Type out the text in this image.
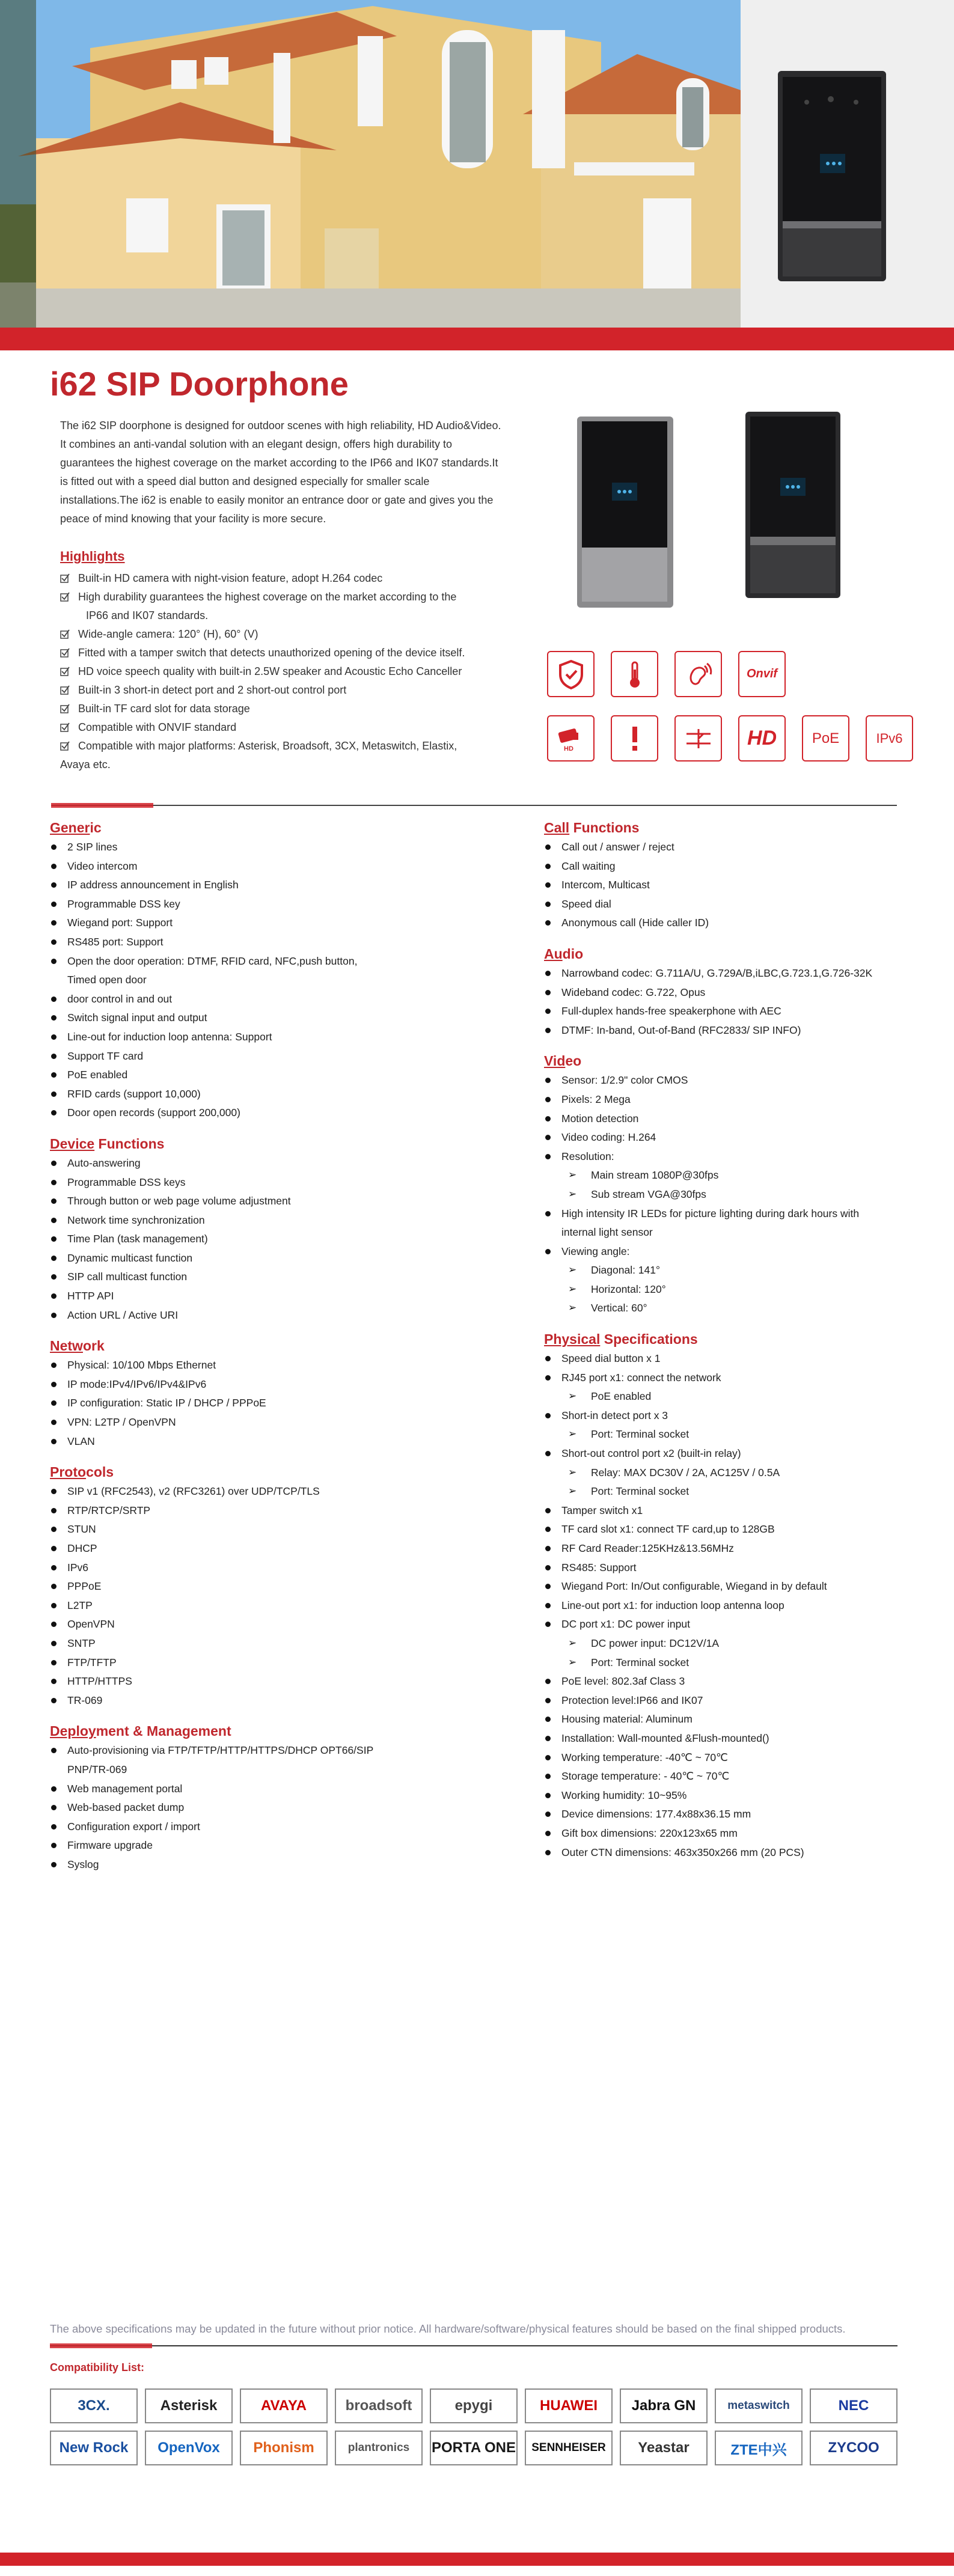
i62 SIP Doorphone

The i62 SIP doorphone is designed for outdoor scenes with high reliability, HD Audio&Video. It combines an anti-vandal solution with an elegant design, offers high durability to guarantees the highest coverage on the market according to the IP66 and IK07 standards.It is fitted out with a speed dial button and designed especially for smaller scale installations.The i62 is enable to easily monitor an entrance door or gate and gives you the peace of mind knowing that your facility is more secure.

Highlights
Built-in HD camera with night-vision feature, adopt H.264 codec
High durability guarantees the highest coverage on the market according to the
IP66 and IK07 standards.
Wide-angle camera: 120° (H), 60° (V)
Fitted with a tamper switch that detects unauthorized opening of the device itself.
HD voice speech quality with built-in 2.5W speaker and Acoustic Echo Canceller
Built-in 3 short-in detect port and 2 short-out control port
Built-in TF card slot for data storage
Compatible with ONVIF standard
Compatible with major platforms: Asterisk, Broadsoft, 3CX, Metaswitch, Elastix,
Avaya etc.
Onvif
HD	HD PoE	IPv6
Generic
2 SIP lines
Video intercom
IP address announcement in English
Programmable DSS key
Wiegand port: Support
RS485 port: Support
Open the door operation: DTMF, RFID card, NFC,push button,
Timed open door
door control in and out
Switch signal input and output
Line-out for induction loop antenna: Support
Support TF card
PoE enabled
RFID cards (support 10,000)
Door open records (support 200,000)
Device Functions
Auto-answering
Programmable DSS keys
Through button or web page volume adjustment
Network time synchronization
Time Plan (task management)
Dynamic multicast function
SIP call multicast function
HTTP API
Action URL / Active URI
Network
Physical: 10/100 Mbps Ethernet
IP mode:IPv4/IPv6/IPv4&IPv6
IP configuration: Static IP / DHCP / PPPoE
VPN: L2TP / OpenVPN
VLAN
Protocols
SIP v1 (RFC2543), v2 (RFC3261) over UDP/TCP/TLS
RTP/RTCP/SRTP
STUN
DHCP
IPv6
PPPoE
L2TP
OpenVPN
SNTP
FTP/TFTP
HTTP/HTTPS
TR-069
Deployment & Management
Auto-provisioning via FTP/TFTP/HTTP/HTTPS/DHCP OPT66/SIP
PNP/TR-069
Web management portal
Web-based packet dump
Configuration export / import
Firmware upgrade
Syslog
Call Functions
Call out / answer / reject
Call waiting
Intercom, Multicast
Speed dial
Anonymous call (Hide caller ID)
Audio
Narrowband codec: G.711A/U, G.729A/B,iLBC,G.723.1,G.726-32K
Wideband codec: G.722, Opus
Full-duplex hands-free speakerphone with AEC
DTMF: In-band, Out-of-Band (RFC2833/ SIP INFO)
Video
Sensor: 1/2.9" color CMOS
Pixels: 2 Mega
Motion detection
Video coding: H.264
Resolution:
➢ Main stream 1080P@30fps
➢ Sub stream VGA@30fps
High intensity IR LEDs for picture lighting during dark hours with
internal light sensor
Viewing angle:
➢ Diagonal: 141°
➢ Horizontal: 120°
➢ Vertical: 60°
Physical Specifications
Speed dial button x 1
RJ45 port x1: connect the network
➢ PoE enabled
Short-in detect port x 3
➢ Port: Terminal socket
Short-out control port x2 (built-in relay)
➢ Relay: MAX DC30V / 2A, AC125V / 0.5A
➢ Port: Terminal socket
Tamper switch x1
TF card slot x1: connect TF card,up to 128GB
RF Card Reader:125KHz&13.56MHz
RS485: Support
Wiegand Port: In/Out configurable, Wiegand in by default
Line-out port x1: for induction loop antenna loop
DC port x1: DC power input
➢ DC power input: DC12V/1A
➢ Port: Terminal socket
PoE level: 802.3af Class 3
Protection level:IP66 and IK07
Housing material: Aluminum
Installation: Wall-mounted &Flush-mounted()
Working temperature: -40℃ ~ 70℃
Storage temperature: - 40℃ ~ 70℃
Working humidity: 10~95%
Device dimensions: 177.4x88x36.15 mm
Gift box dimensions: 220x123x65 mm
Outer CTN dimensions: 463x350x266 mm (20 PCS)
The above specifications may be updated in the future without prior notice. All hardware/software/physical features should be based on the final shipped products.
Compatibility List:
3CX.	Asterisk	AVAYA	broadsoft	epygi	HUAWEI	Jabra GN	metaswitch	NEC
New Rock	OpenVox	Phonism	plantronics	PORTA ONE	SENNHEISER	Yeastar	ZTE中兴	ZYCOO
